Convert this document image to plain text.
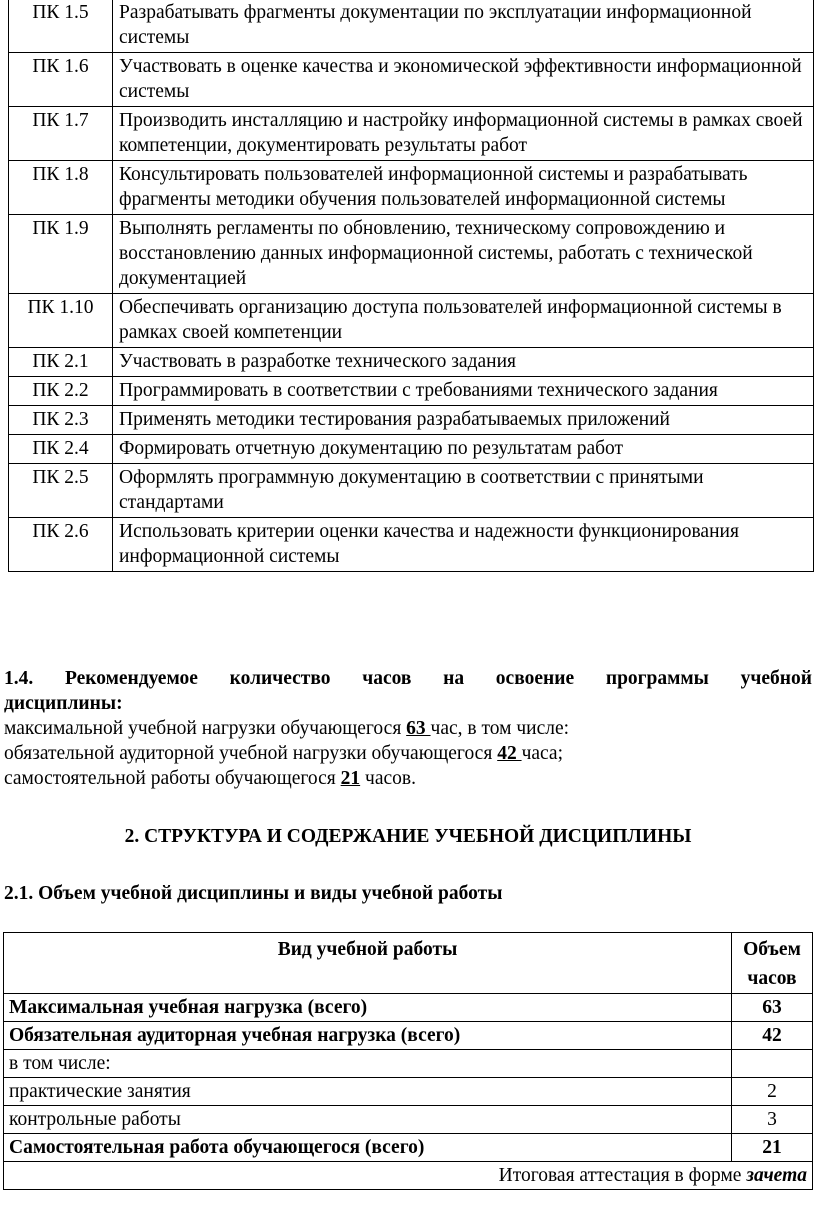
ПК 1.5	Разрабатывать фрагменты документации по эксплуатации информационной системы
ПК 1.6	Участвовать в оценке качества и экономической эффективности информационной системы
ПК 1.7	Производить инсталляцию и настройку информационной системы в рамках своей компетенции, документировать результаты работ
ПК 1.8	Консультировать пользователей информационной системы и разрабатывать фрагменты методики обучения пользователей информационной системы
ПК 1.9	Выполнять регламенты по обновлению, техническому сопровождению и восстановлению данных информационной системы, работать с технической документацией
ПК 1.10	Обеспечивать организацию доступа пользователей информационной системы в рамках своей компетенции
ПК 2.1	Участвовать в разработке технического задания
ПК 2.2	Программировать в соответствии с требованиями технического задания
ПК 2.3	Применять методики тестирования разрабатываемых приложений
ПК 2.4	Формировать отчетную документацию по результатам работ
ПК 2.5	Оформлять программную документацию в соответствии с принятыми стандартами
ПК 2.6	Использовать критерии оценки качества и надежности функционирования информационной системы
1.4. Рекомендуемое количество часов на освоение программы учебной
дисциплины:
максимальной учебной нагрузки обучающегося 63 час, в том числе:
обязательной аудиторной учебной нагрузки обучающегося 42 часа;
самостоятельной работы обучающегося 21 часов.
2. СТРУКТУРА И СОДЕРЖАНИЕ УЧЕБНОЙ ДИСЦИПЛИНЫ
2.1. Объем учебной дисциплины и виды учебной работы
Вид учебной работы	Объем
часов

Максимальная учебная нагрузка (всего)	63
Обязательная аудиторная учебная нагрузка (всего)	42
в том числе:	
практические занятия	2
контрольные работы	3
Самостоятельная работа обучающегося (всего)	21
Итоговая аттестация в форме зачета	
